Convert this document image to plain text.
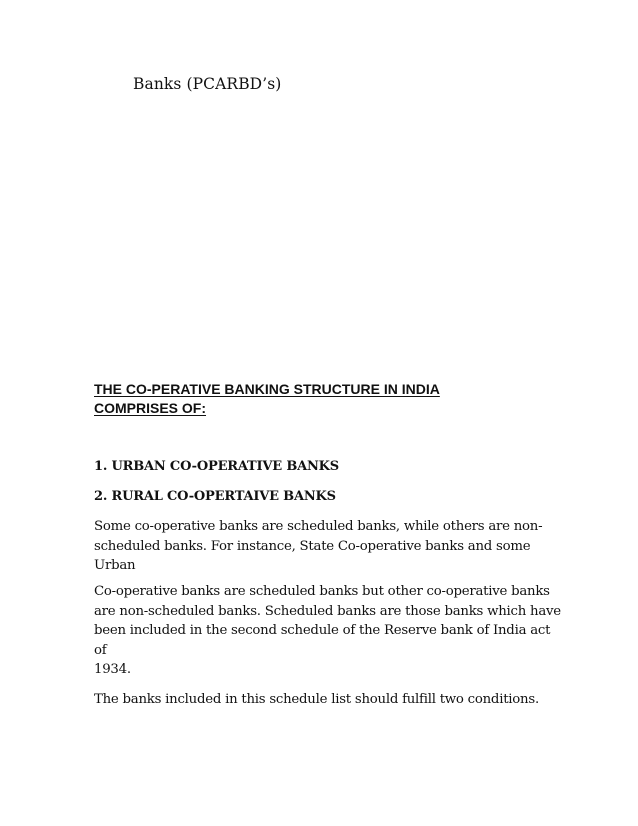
Banks (PCARBD’s)
THE CO-PERATIVE BANKING STRUCTURE IN INDIA
COMPRISES OF:
1. URBAN CO-OPERATIVE BANKS
2. RURAL CO-OPERTAIVE BANKS
Some co-operative banks are scheduled banks, while others are non-
scheduled banks. For instance, State Co-operative banks and some
Urban
Co-operative banks are scheduled banks but other co-operative banks
are non-scheduled banks. Scheduled banks are those banks which have
been included in the second schedule of the Reserve bank of India act of
1934.
The banks included in this schedule list should fulfill two conditions.
